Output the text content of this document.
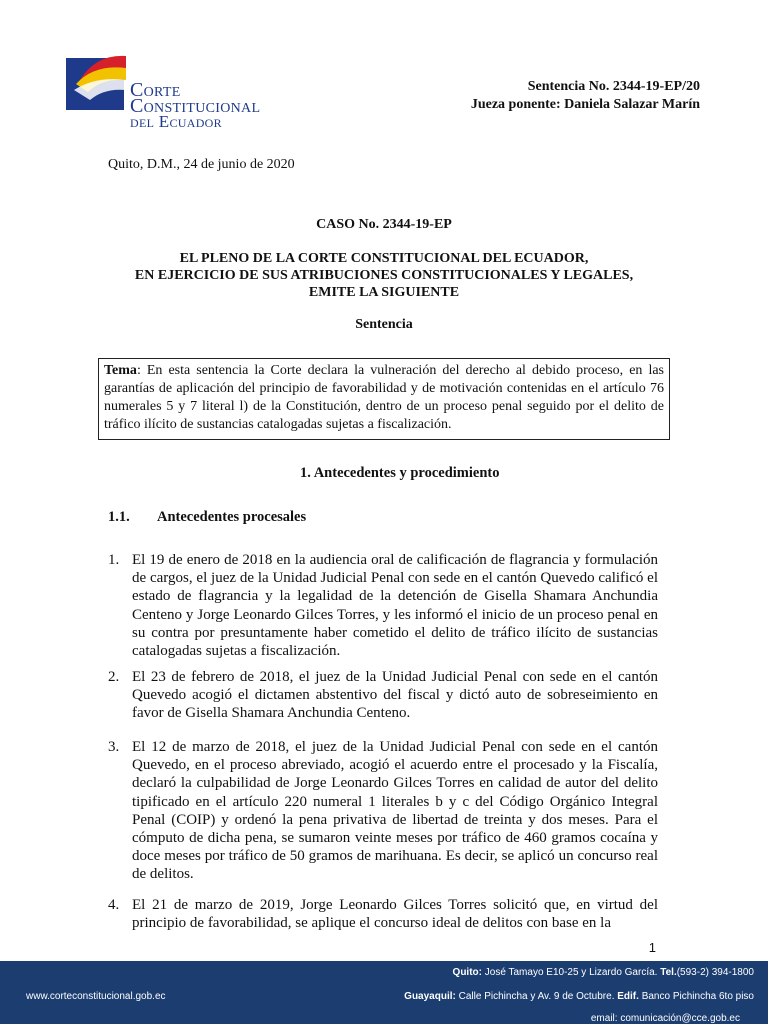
Corte
Constitucional
del Ecuador
Sentencia No. 2344-19-EP/20
Jueza ponente: Daniela Salazar Marín
Quito, D.M., 24 de junio de 2020
CASO No. 2344-19-EP
EL PLENO DE LA CORTE CONSTITUCIONAL DEL ECUADOR,
EN EJERCICIO DE SUS ATRIBUCIONES CONSTITUCIONALES Y LEGALES,
EMITE LA SIGUIENTE
Sentencia
Tema: En esta sentencia la Corte declara la vulneración del derecho al debido proceso, en las garantías de aplicación del principio de favorabilidad y de motivación contenidas en el artículo 76 numerales 5 y 7 literal l) de la Constitución, dentro de un proceso penal seguido por el delito de tráfico ilícito de sustancias catalogadas sujetas a fiscalización.
1. Antecedentes y procedimiento
1.1. Antecedentes procesales
1. El 19 de enero de 2018 en la audiencia oral de calificación de flagrancia y formulación de cargos, el juez de la Unidad Judicial Penal con sede en el cantón Quevedo calificó el estado de flagrancia y la legalidad de la detención de Gisella Shamara Anchundia Centeno y Jorge Leonardo Gilces Torres, y les informó el inicio de un proceso penal en su contra por presuntamente haber cometido el delito de tráfico ilícito de sustancias catalogadas sujetas a fiscalización.
2. El 23 de febrero de 2018, el juez de la Unidad Judicial Penal con sede en el cantón Quevedo acogió el dictamen abstentivo del fiscal y dictó auto de sobreseimiento en favor de Gisella Shamara Anchundia Centeno.
3. El 12 de marzo de 2018, el juez de la Unidad Judicial Penal con sede en el cantón Quevedo, en el proceso abreviado, acogió el acuerdo entre el procesado y la Fiscalía, declaró la culpabilidad de Jorge Leonardo Gilces Torres en calidad de autor del delito tipificado en el artículo 220 numeral 1 literales b y c del Código Orgánico Integral Penal (COIP) y ordenó la pena privativa de libertad de treinta y dos meses. Para el cómputo de dicha pena, se sumaron veinte meses por tráfico de 460 gramos cocaína y doce meses por tráfico de 50 gramos de marihuana. Es decir, se aplicó un concurso real de delitos.
4. El 21 de marzo de 2019, Jorge Leonardo Gilces Torres solicitó que, en virtud del principio de favorabilidad, se aplique el concurso ideal de delitos con base en la
1
Quito: José Tamayo E10-25 y Lizardo García. Tel.(593-2) 394-1800
www.corteconstitucional.gob.ec	Guayaquil: Calle Pichincha y Av. 9 de Octubre. Edif. Banco Pichincha 6to piso
email: comunicación@cce.gob.ec
